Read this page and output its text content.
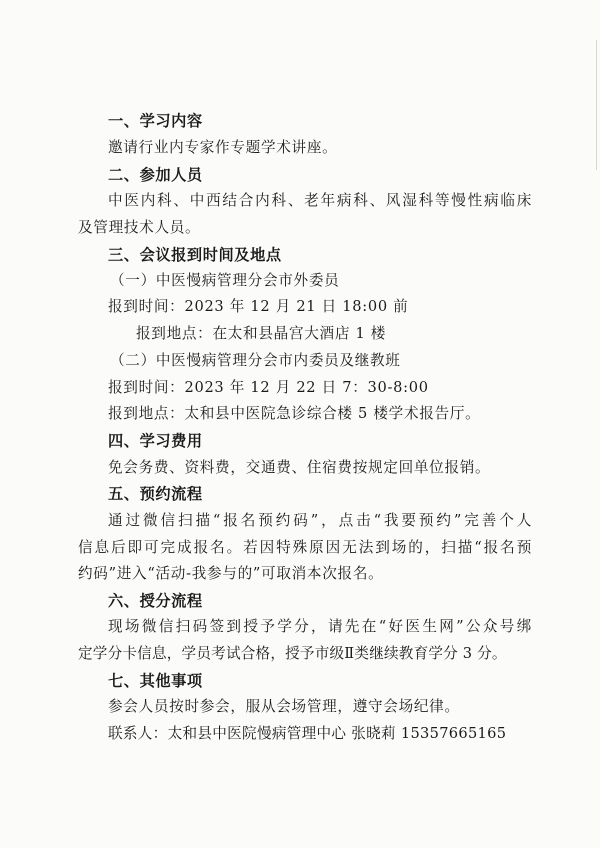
一、学习内容
邀请行业内专家作专题学术讲座。
二、参加人员
中医内科、中西结合内科、老年病科、风湿科等慢性病临床
及管理技术人员。
三、会议报到时间及地点
（一）中医慢病管理分会市外委员
报到时间：2023 年 12 月 21 日 18:00 前
报到地点：在太和县晶宫大酒店 1 楼
（二）中医慢病管理分会市内委员及继教班
报到时间：2023 年 12 月 22 日 7：30-8:00
报到地点：太和县中医院急诊综合楼 5 楼学术报告厅。
四、学习费用
免会务费、资料费，交通费、住宿费按规定回单位报销。
五、预约流程
通过微信扫描“报名预约码”，点击“我要预约”完善个人
信息后即可完成报名。若因特殊原因无法到场的，扫描“报名预
约码”进入“活动-我参与的”可取消本次报名。
六、授分流程
现场微信扫码签到授予学分，请先在“好医生网”公众号绑
定学分卡信息，学员考试合格，授予市级Ⅱ类继续教育学分 3 分。
七、其他事项
参会人员按时参会，服从会场管理，遵守会场纪律。
联系人：太和县中医院慢病管理中心 张晓莉 15357665165
